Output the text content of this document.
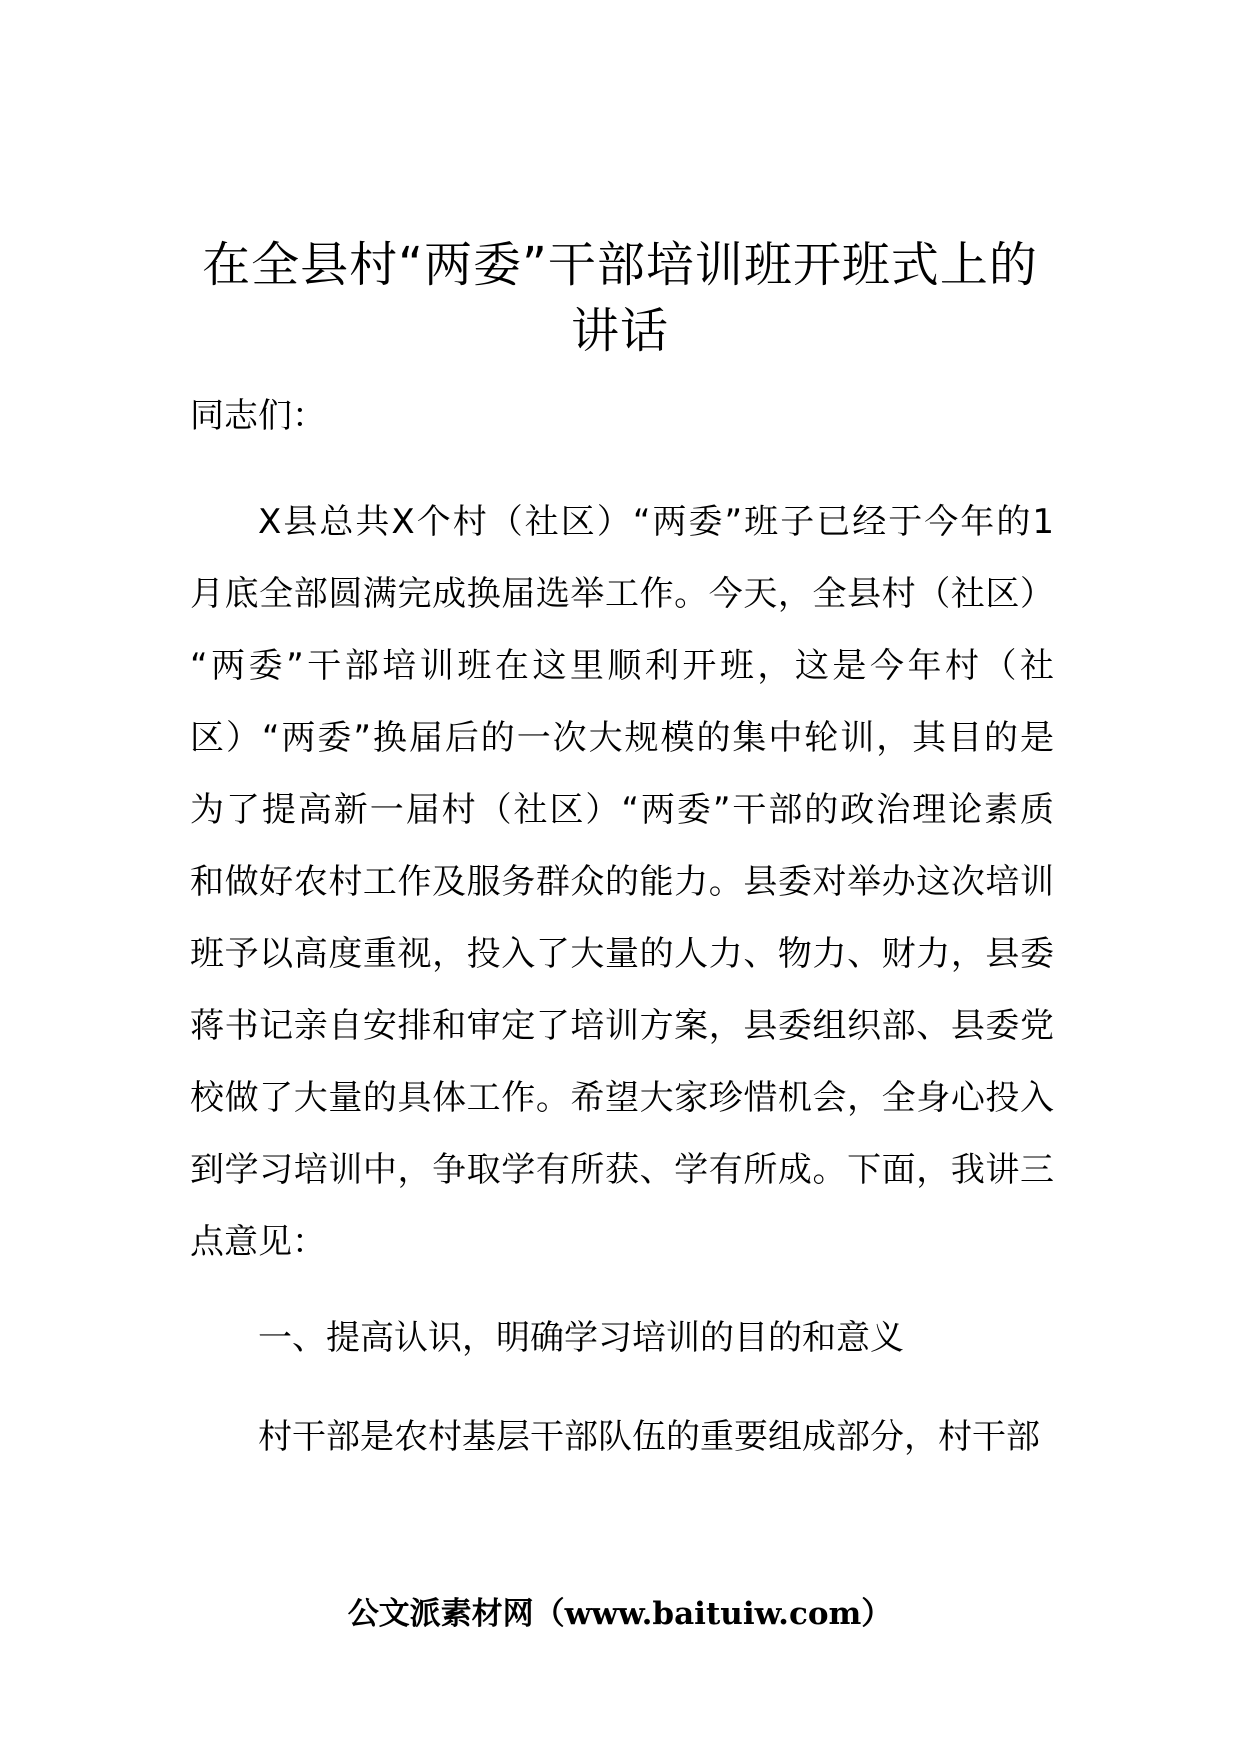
在全县村“两委”干部培训班开班式上的
讲话
同志们：
X县总共X个村（社区）“两委”班子已经于今年的1
月底全部圆满完成换届选举工作。今天，全县村（社区）
“两委”干部培训班在这里顺利开班，这是今年村（社
区）“两委”换届后的一次大规模的集中轮训，其目的是
为了提高新一届村（社区）“两委”干部的政治理论素质
和做好农村工作及服务群众的能力。县委对举办这次培训
班予以高度重视，投入了大量的人力、物力、财力，县委
蒋书记亲自安排和审定了培训方案，县委组织部、县委党
校做了大量的具体工作。希望大家珍惜机会，全身心投入
到学习培训中，争取学有所获、学有所成。下面，我讲三
点意见：
一、提高认识，明确学习培训的目的和意义
村干部是农村基层干部队伍的重要组成部分，村干部
公文派素材网（www.baituiw.com）
